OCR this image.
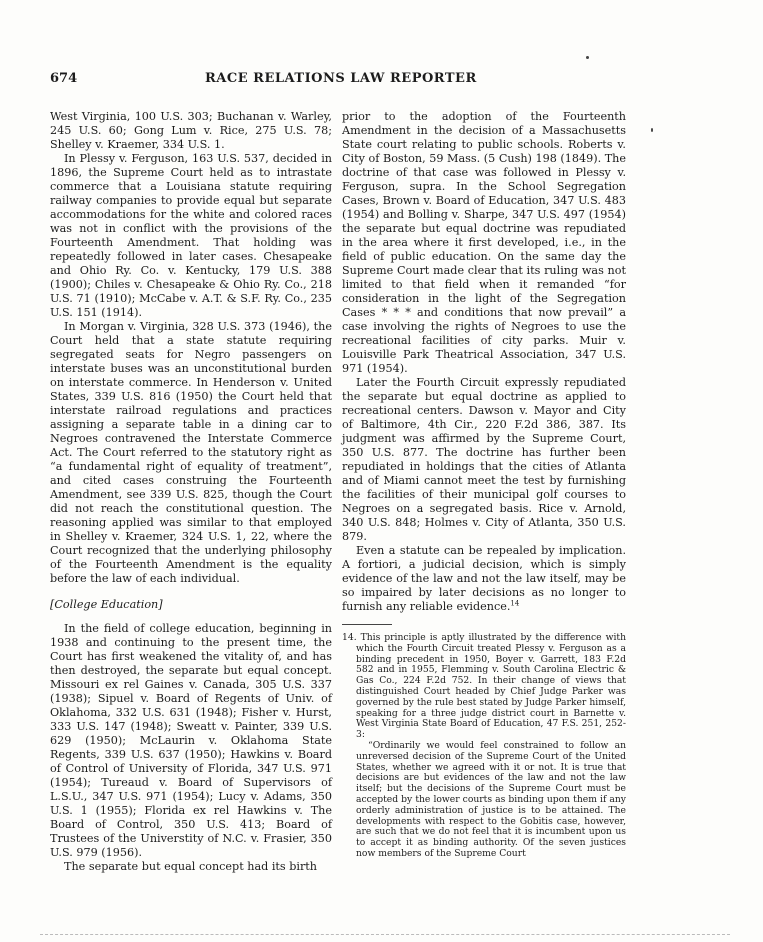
674	RACE RELATIONS LAW REPORTER

West Virginia, 100 U.S. 303; Buchanan v. Warley, 245 U.S. 60; Gong Lum v. Rice, 275 U.S. 78; Shelley v. Kraemer, 334 U.S. 1.

In Plessy v. Ferguson, 163 U.S. 537, decided in 1896, the Supreme Court held as to intrastate commerce that a Louisiana statute requiring railway companies to provide equal but separate accommodations for the white and colored races was not in conflict with the provisions of the Fourteenth Amendment. That holding was repeatedly followed in later cases. Chesapeake and Ohio Ry. Co. v. Kentucky, 179 U.S. 388 (1900); Chiles v. Chesapeake & Ohio Ry. Co., 218 U.S. 71 (1910); McCabe v. A.T. & S.F. Ry. Co., 235 U.S. 151 (1914).

In Morgan v. Virginia, 328 U.S. 373 (1946), the Court held that a state statute requiring segregated seats for Negro passengers on interstate buses was an unconstitutional burden on interstate commerce. In Henderson v. United States, 339 U.S. 816 (1950) the Court held that interstate railroad regulations and practices assigning a separate table in a dining car to Negroes contravened the Interstate Commerce Act. The Court referred to the statutory right as “a fundamental right of equality of treatment”, and cited cases construing the Fourteenth Amendment, see 339 U.S. 825, though the Court did not reach the constitutional question. The reasoning applied was similar to that employed in Shelley v. Kraemer, 324 U.S. 1, 22, where the Court recognized that the underlying philosophy of the Fourteenth Amendment is the equality before the law of each individual.

[College Education]

In the field of college education, beginning in 1938 and continuing to the present time, the Court has first weakened the vitality of, and has then destroyed, the separate but equal concept. Missouri ex rel Gaines v. Canada, 305 U.S. 337 (1938); Sipuel v. Board of Regents of Univ. of Oklahoma, 332 U.S. 631 (1948); Fisher v. Hurst, 333 U.S. 147 (1948); Sweatt v. Painter, 339 U.S. 629 (1950); McLaurin v. Oklahoma State Regents, 339 U.S. 637 (1950); Hawkins v. Board of Control of University of Florida, 347 U.S. 971 (1954); Tureaud v. Board of Supervisors of L.S.U., 347 U.S. 971 (1954); Lucy v. Adams, 350 U.S. 1 (1955); Florida ex rel Hawkins v. The Board of Control, 350 U.S. 413; Board of Trustees of the Universtity of N.C. v. Frasier, 350 U.S. 979 (1956).

The separate but equal concept had its birth

prior to the adoption of the Fourteenth Amendment in the decision of a Massachusetts State court relating to public schools. Roberts v. City of Boston, 59 Mass. (5 Cush) 198 (1849). The doctrine of that case was followed in Plessy v. Ferguson, supra. In the School Segregation Cases, Brown v. Board of Education, 347 U.S. 483 (1954) and Bolling v. Sharpe, 347 U.S. 497 (1954) the separate but equal doctrine was repudiated in the area where it first developed, i.e., in the field of public education. On the same day the Supreme Court made clear that its ruling was not limited to that field when it remanded “for consideration in the light of the Segregation Cases * * * and conditions that now prevail” a case involving the rights of Negroes to use the recreational facilities of city parks. Muir v. Louisville Park Theatrical Association, 347 U.S. 971 (1954).

Later the Fourth Circuit expressly repudiated the separate but equal doctrine as applied to recreational centers. Dawson v. Mayor and City of Baltimore, 4th Cir., 220 F.2d 386, 387. Its judgment was affirmed by the Supreme Court, 350 U.S. 877. The doctrine has further been repudiated in holdings that the cities of Atlanta and of Miami cannot meet the test by furnishing the facilities of their municipal golf courses to Negroes on a segregated basis. Rice v. Arnold, 340 U.S. 848; Holmes v. City of Atlanta, 350 U.S. 879.

Even a statute can be repealed by implication. A fortiori, a judicial decision, which is simply evidence of the law and not the law itself, may be so impaired by later decisions as no longer to furnish any reliable evidence.$^{14}$

14. This principle is aptly illustrated by the difference with which the Fourth Circuit treated Plessy v. Ferguson as a binding precedent in 1950, Boyer v. Garrett, 183 F.2d 582 and in 1955, Flemming v. South Carolina Electric & Gas Co., 224 F.2d 752. In their change of views that distinguished Court headed by Chief Judge Parker was governed by the rule best stated by Judge Parker himself, speaking for a three judge district court in Barnette v. West Virginia State Board of Education, 47 F.S. 251, 252-3:

“Ordinarily we would feel constrained to follow an unreversed decision of the Supreme Court of the United States, whether we agreed with it or not. It is true that decisions are but evidences of the law and not the law itself; but the decisions of the Supreme Court must be accepted by the lower courts as binding upon them if any orderly administration of justice is to be attained. The developments with respect to the Gobitis case, however, are such that we do not feel that it is incumbent upon us to accept it as binding authority. Of the seven justices now members of the Supreme Court
